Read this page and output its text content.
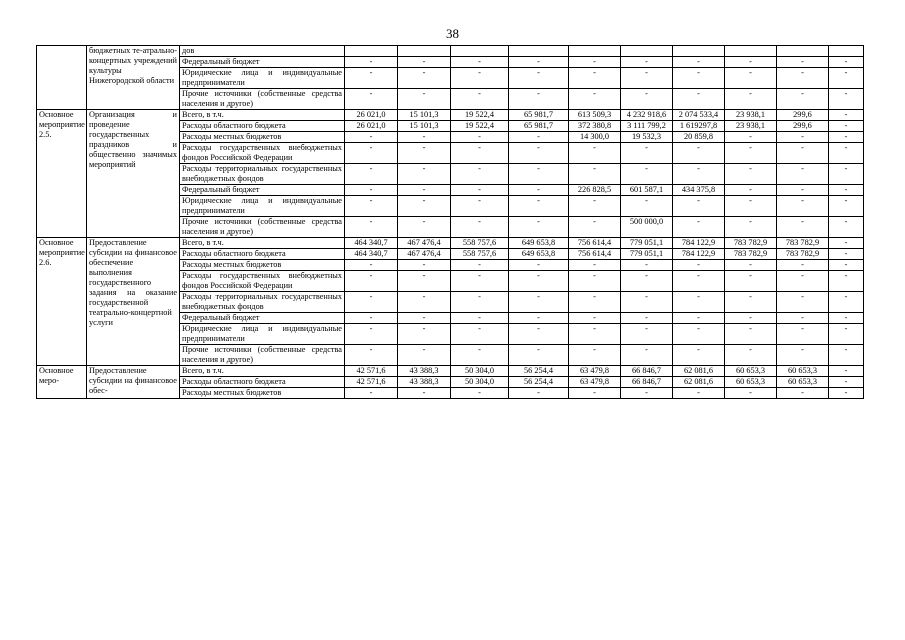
38
	бюджетных те-атрально-концертных учреждений культуры Нижегородской области	дов										
		Федеральный бюджет	-	-	-	-	-	-	-	-	-	-
		Юридические лица и индивидуальные предприниматели	-	-	-	-	-	-	-	-	-	-
		Прочие источники (собственные средства населения и другое)	-	-	-	-	-	-	-	-	-	-
Основное мероприятие 2.5.	Организация и проведение государственных праздников и общественно значимых мероприятий	Всего, в т.ч.	26 021,0	15 101,3	19 522,4	65 981,7	613 509,3	4 232 918,6	2 074 533,4	23 938,1	299,6	-
		Расходы областного бюджета	26 021,0	15 101,3	19 522,4	65 981,7	372 380,8	3 111 799,2	1 619297,8	23 938,1	299,6	-
		Расходы местных бюджетов	-	-	-	-	14 300,0	19 532,3	20 859,8	-	-	-
		Расходы государственных внебюджетных фондов Российской Федерации	-	-	-	-	-	-	-	-	-	-
		Расходы территориальных государственных внебюджетных фондов	-	-	-	-	-	-	-	-	-	-
		Федеральный бюджет	-	-	-	-	226 828,5	601 587,1	434 375,8	-	-	-
		Юридические лица и индивидуальные предприниматели	-	-	-	-	-	-	-	-	-	-
		Прочие источники (собственные средства населения и другое)	-	-	-	-	-	500 000,0	-	-	-	-
Основное мероприятие 2.6.	Предоставление субсидии на финансовое обеспечение выполнения государственного задания на оказание государственной театрально-концертной услуги	Всего, в т.ч.	464 340,7	467 476,4	558 757,6	649 653,8	756 614,4	779 051,1	784 122,9	783 782,9	783 782,9	-
		Расходы областного бюджета	464 340,7	467 476,4	558 757,6	649 653,8	756 614,4	779 051,1	784 122,9	783 782,9	783 782,9	-
		Расходы местных бюджетов	-	-	-	-	-	-	-	-	-	-
		Расходы государственных внебюджетных фондов Российской Федерации	-	-	-	-	-	-	-	-	-	-
		Расходы территориальных государственных внебюджетных фондов	-	-	-	-	-	-	-	-	-	-
		Федеральный бюджет	-	-	-	-	-	-	-	-	-	-
		Юридические лица и индивидуальные предприниматели	-	-	-	-	-	-	-	-	-	-
		Прочие источники (собственные средства населения и другое)	-	-	-	-	-	-	-	-	-	-
Основное меро-	Предоставление субсидии на финансовое обес-	Всего, в т.ч.	42 571,6	43 388,3	50 304,0	56 254,4	63 479,8	66 846,7	62 081,6	60 653,3	60 653,3	-
		Расходы областного бюджета	42 571,6	43 388,3	50 304,0	56 254,4	63 479,8	66 846,7	62 081,6	60 653,3	60 653,3	-
		Расходы местных бюджетов	-	-	-	-	-	-	-	-	-	-
